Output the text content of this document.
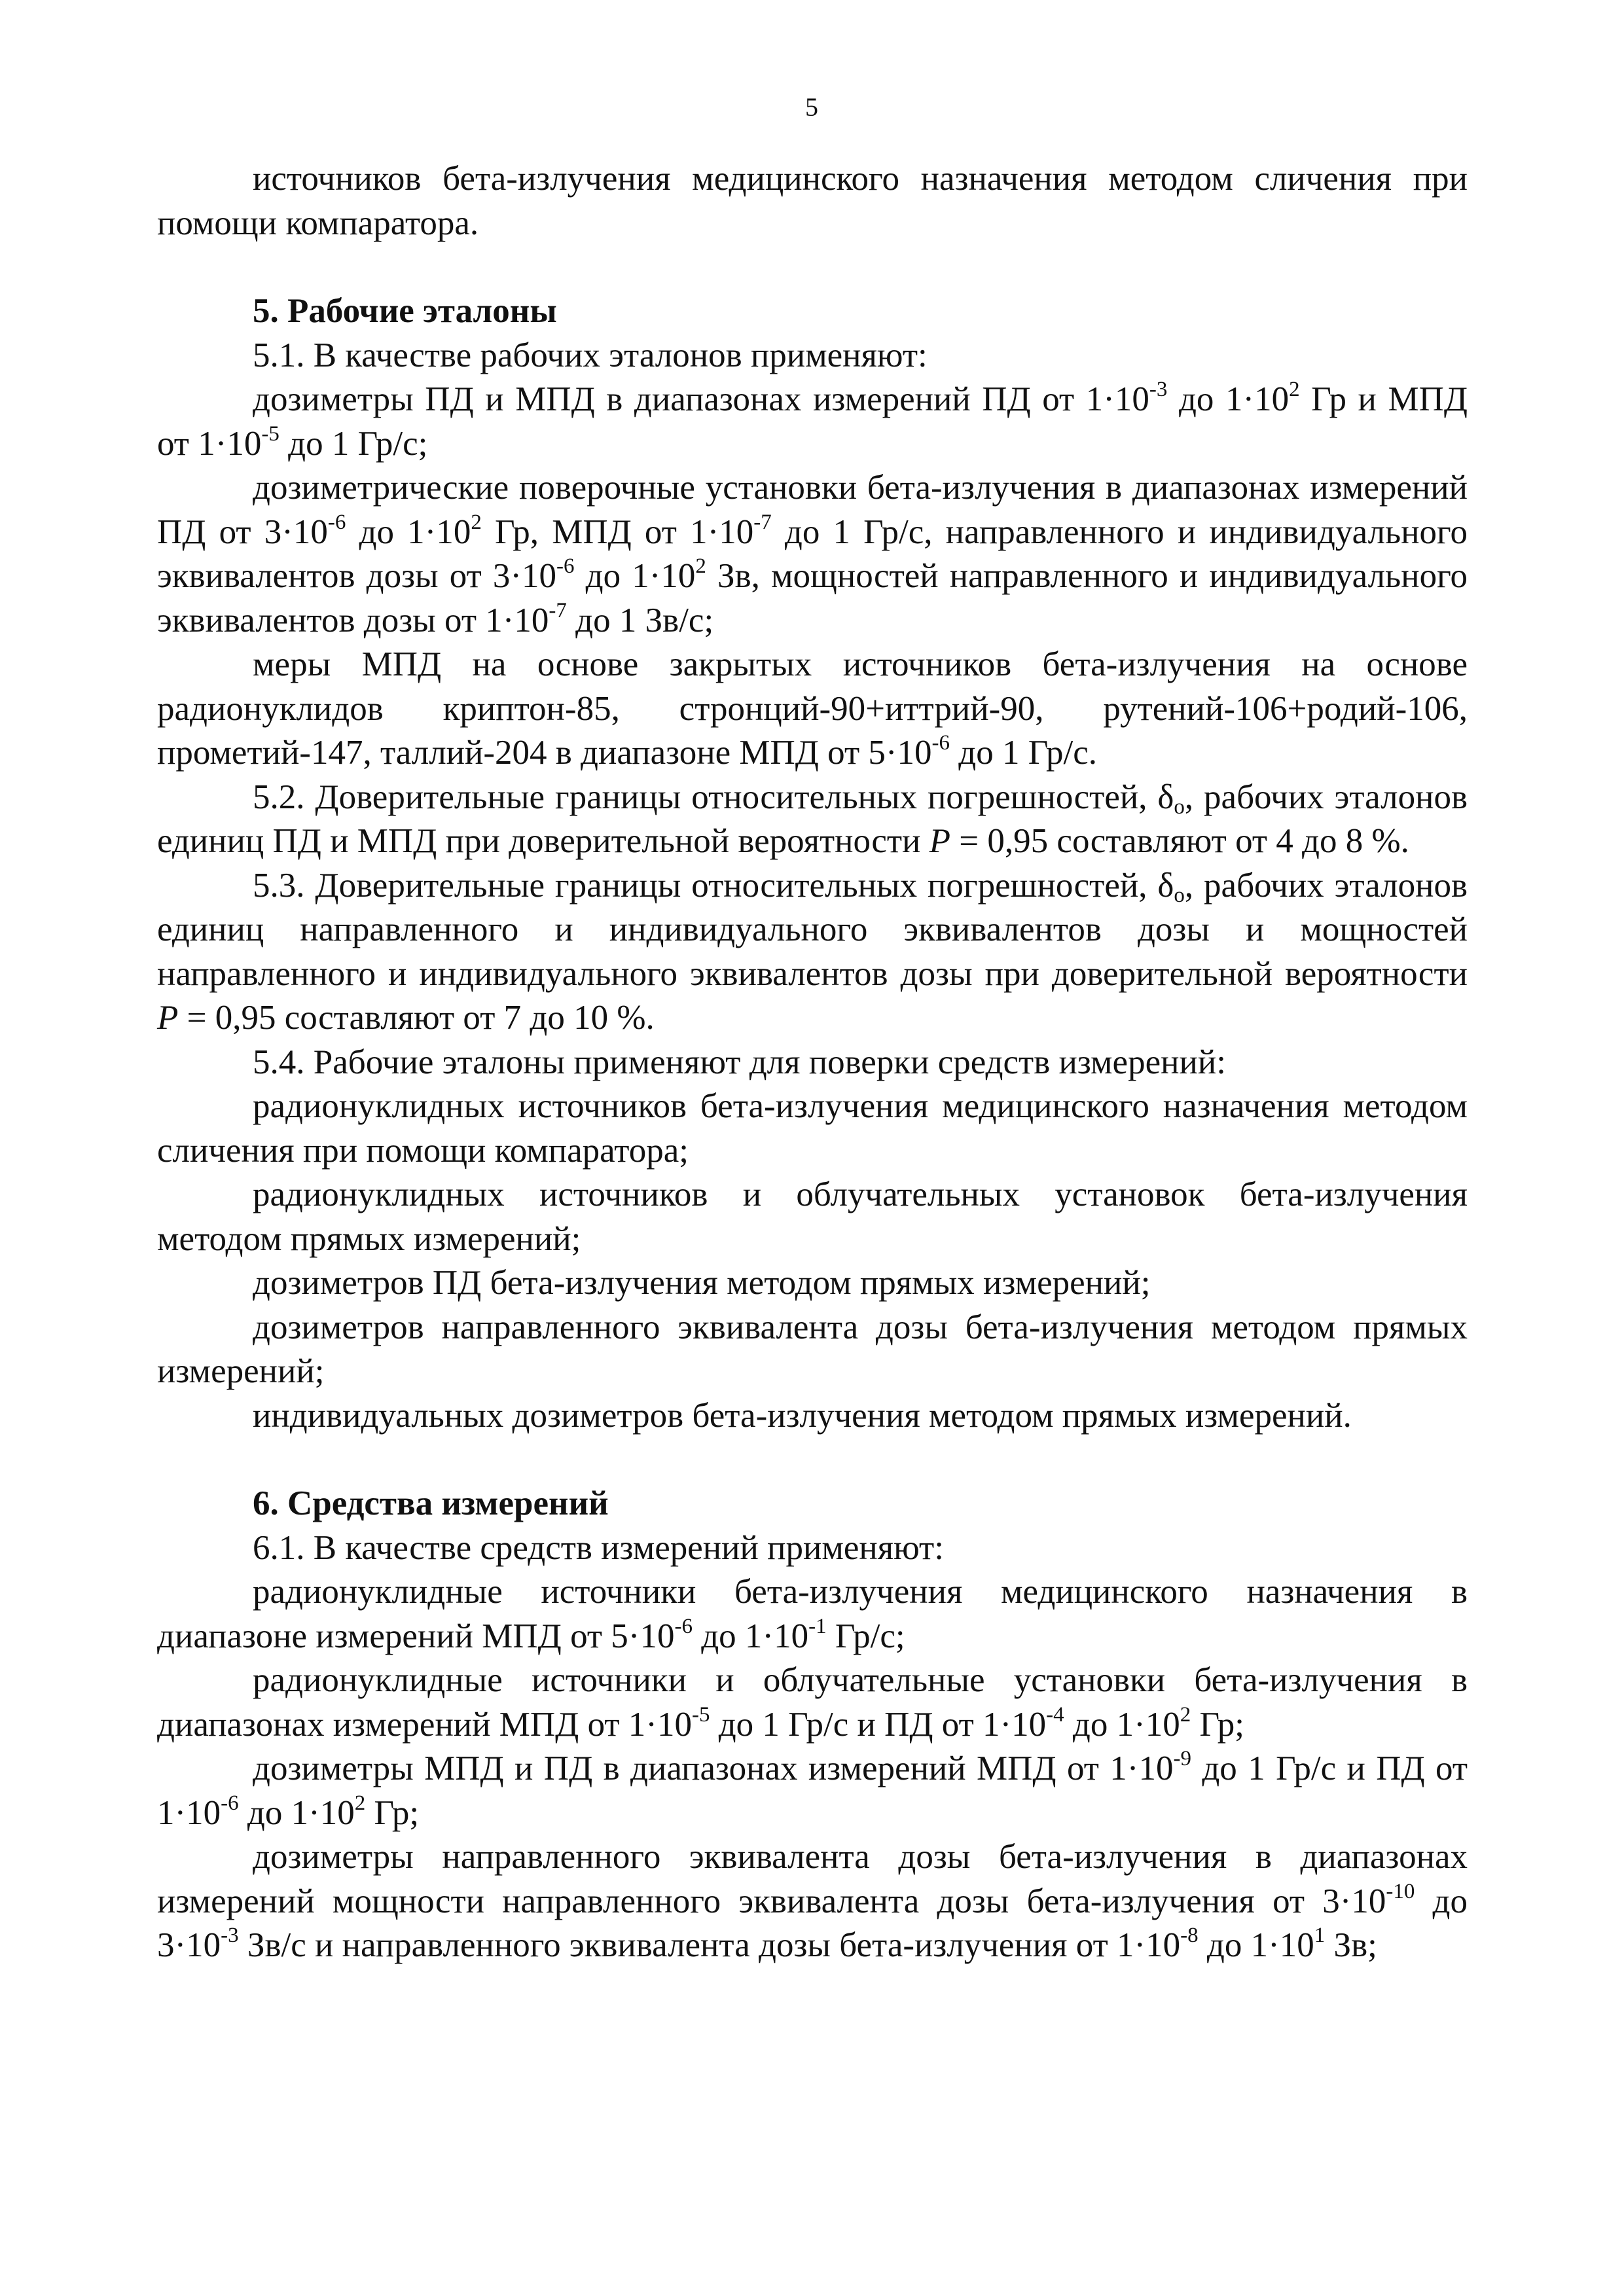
5

источников бета-излучения медицинского назначения методом сличения при помощи компаратора.

5. Рабочие эталоны

5.1. В качестве рабочих эталонов применяют:

дозиметры ПД и МПД в диапазонах измерений ПД от $1\cdot 10^{-3}$ до $1\cdot 10^2$ Гр и МПД от $1\cdot 10^{-5}$ до 1 Гр/с;

дозиметрические поверочные установки бета-излучения в диапазонах измерений ПД от $3\cdot 10^{-6}$ до $1\cdot 10^2$ Гр, МПД от $1\cdot 10^{-7}$ до 1 Гр/с, направленного и индивидуального эквивалентов дозы от $3\cdot 10^{-6}$ до $1\cdot 10^2$ Зв, мощностей направленного и индивидуального эквивалентов дозы от $1\cdot 10^{-7}$ до 1 Зв/с;

меры МПД на основе закрытых источников бета-излучения на основе радионуклидов криптон-85, стронций-90+иттрий-90, рутений-106+родий-106, прометий-147, таллий-204 в диапазоне МПД от $5\cdot 10^{-6}$ до 1 Гр/с.

5.2. Доверительные границы относительных погрешностей, $\delta_о$, рабочих эталонов единиц ПД и МПД при доверительной вероятности P = 0,95 составляют от 4 до 8 %.

5.3. Доверительные границы относительных погрешностей, $\delta_о$, рабочих эталонов единиц направленного и индивидуального эквивалентов дозы и мощностей направленного и индивидуального эквивалентов дозы при доверительной вероятности P = 0,95 составляют от 7 до 10 %.

5.4. Рабочие эталоны применяют для поверки средств измерений:

радионуклидных источников бета-излучения медицинского назначения методом сличения при помощи компаратора;

радионуклидных источников и облучательных установок бета-излучения методом прямых измерений;

дозиметров ПД бета-излучения методом прямых измерений;

дозиметров направленного эквивалента дозы бета-излучения методом прямых измерений;

индивидуальных дозиметров бета-излучения методом прямых измерений.

6. Средства измерений

6.1. В качестве средств измерений применяют:

радионуклидные источники бета-излучения медицинского назначения в диапазоне измерений МПД от $5\cdot 10^{-6}$ до $1\cdot 10^{-1}$ Гр/с;

радионуклидные источники и облучательные установки бета-излучения в диапазонах измерений МПД от $1\cdot 10^{-5}$ до 1 Гр/с и ПД от $1\cdot 10^{-4}$ до $1\cdot 10^2$ Гр;

дозиметры МПД и ПД в диапазонах измерений МПД от $1\cdot 10^{-9}$ до 1 Гр/с и ПД от $1\cdot 10^{-6}$ до $1\cdot 10^2$ Гр;

дозиметры направленного эквивалента дозы бета-излучения в диапазонах измерений мощности направленного эквивалента дозы бета-излучения от $3\cdot 10^{-10}$ до $3\cdot 10^{-3}$ Зв/с и направленного эквивалента дозы бета-излучения от $1\cdot 10^{-8}$ до $1\cdot 10^1$ Зв;
